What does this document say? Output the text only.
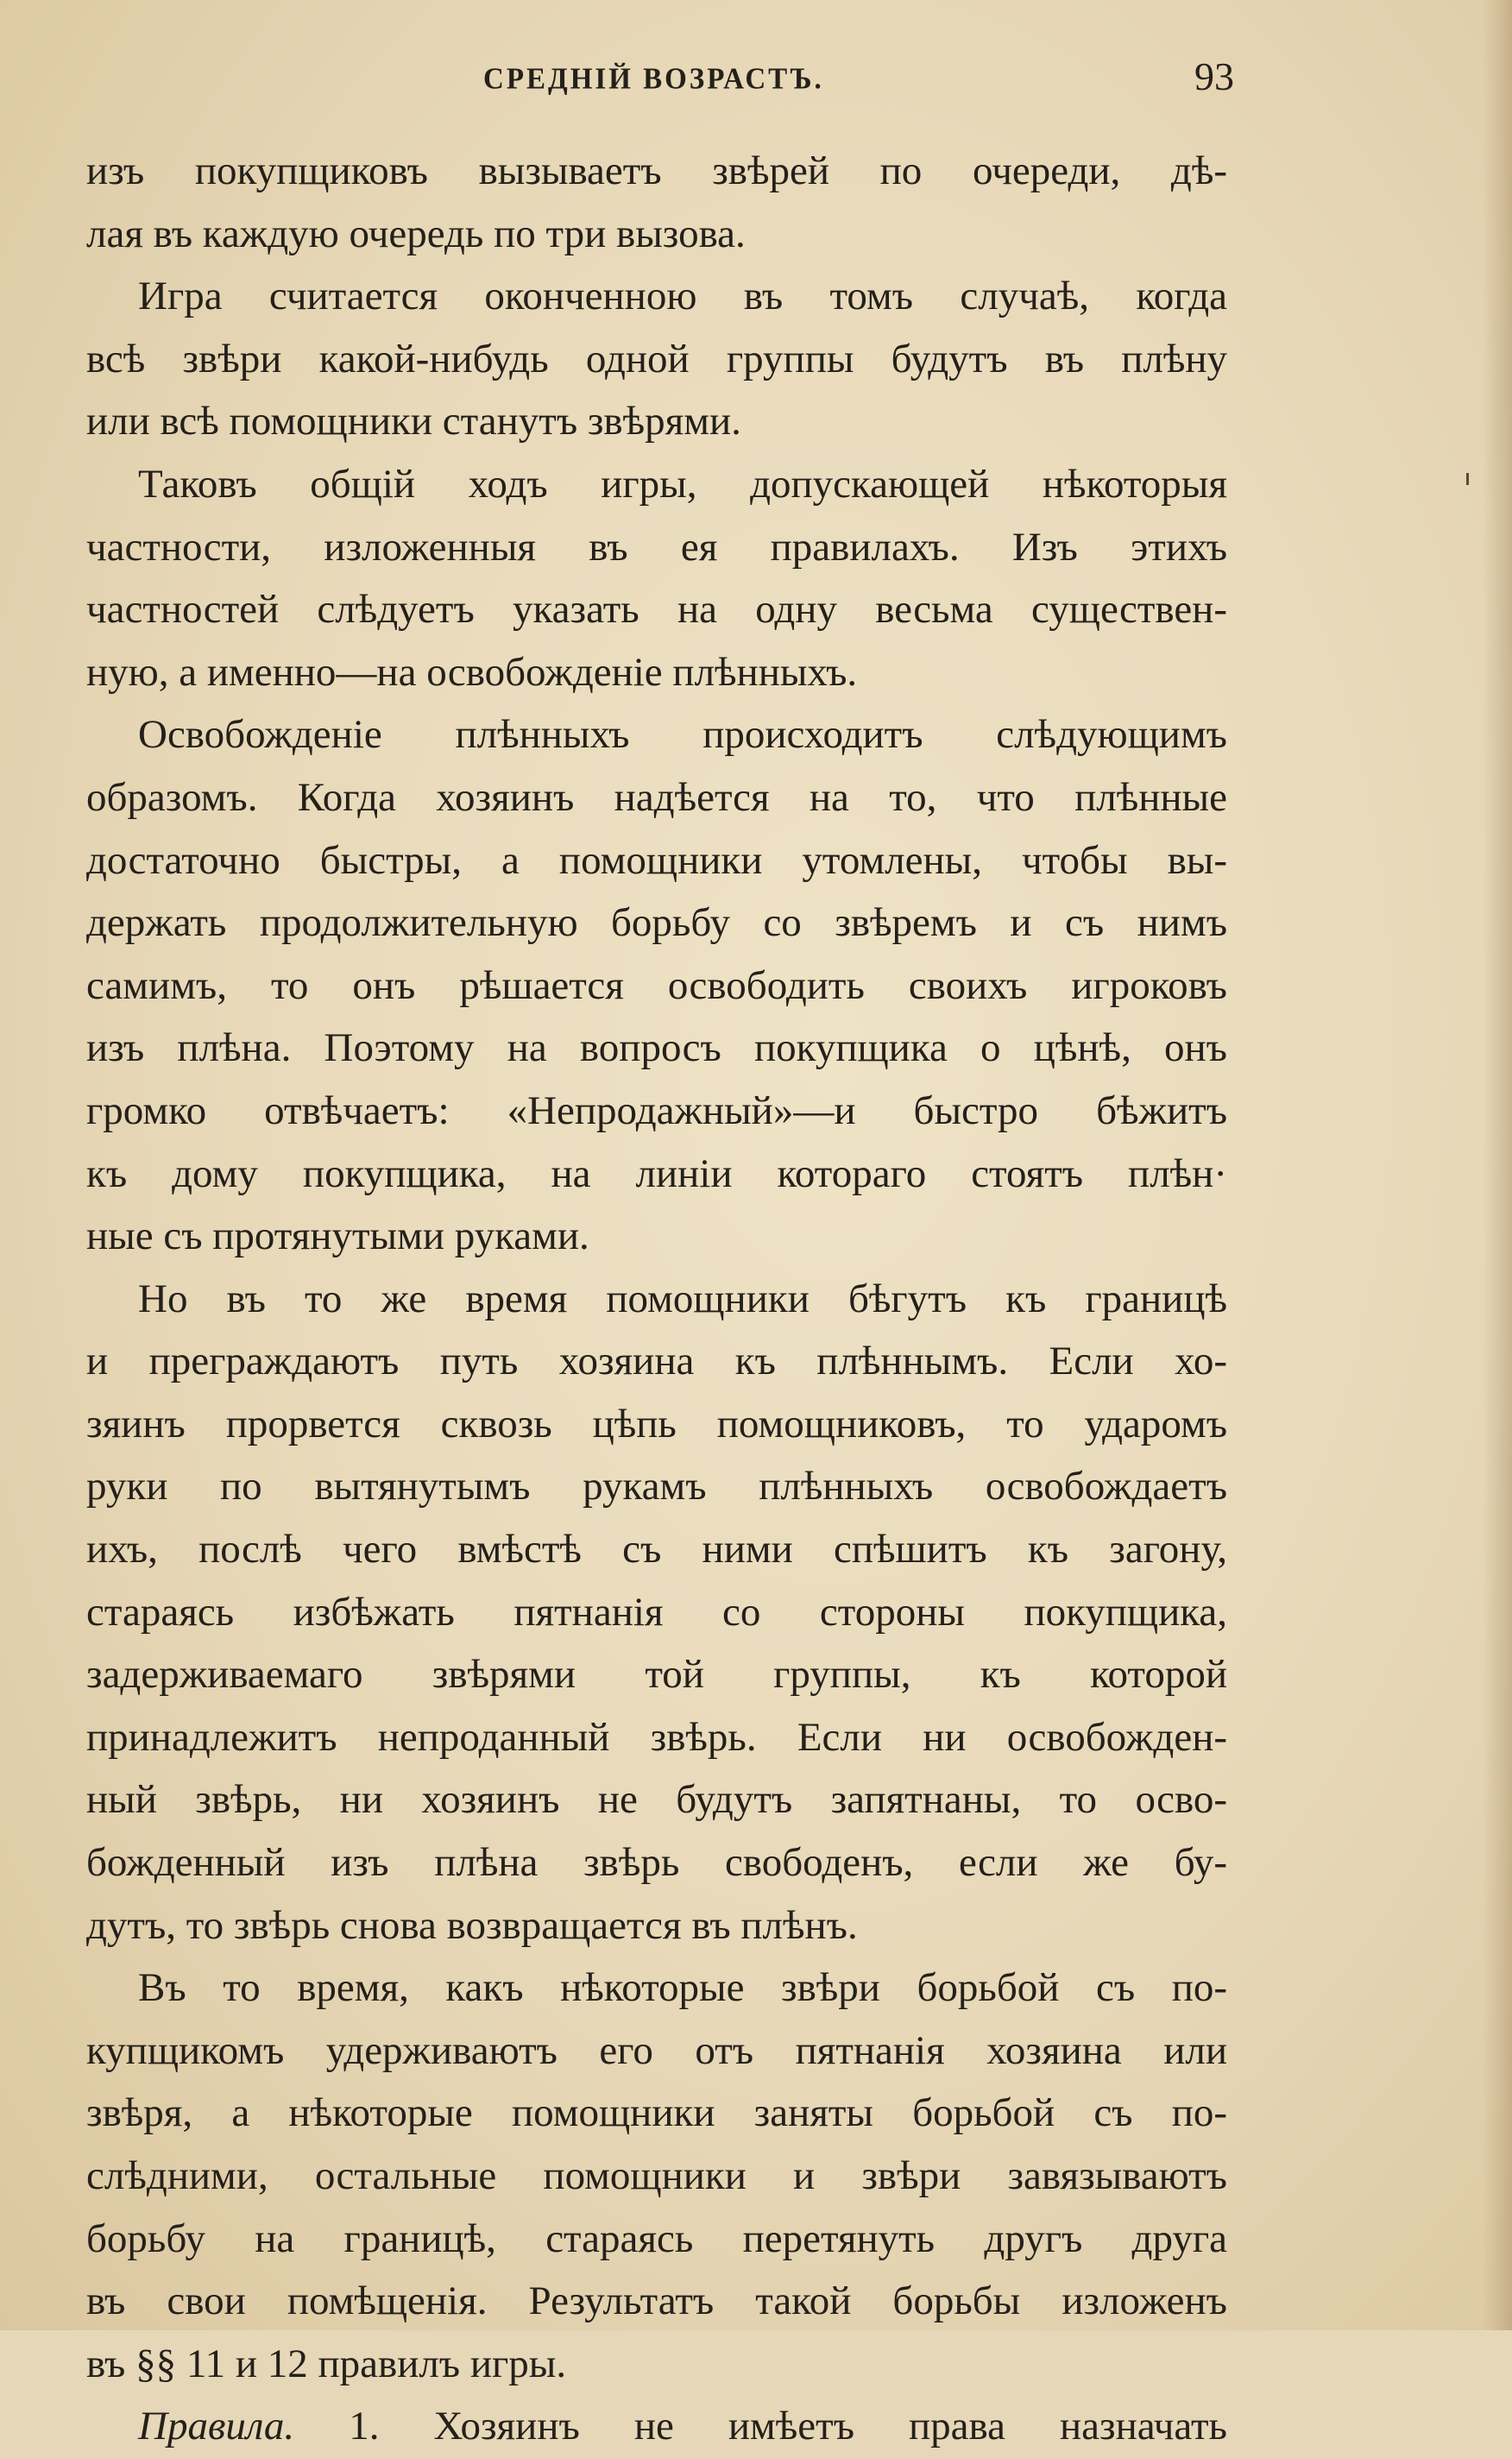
СРЕДНІЙ ВОЗРАСТЪ.	93
изъ покупщиковъ вызываетъ звѣрей по очереди, дѣ-
лая въ каждую очередь по три вызова.
Игра считается оконченною въ томъ случаѣ, когда
всѣ звѣри какой-нибудь одной группы будутъ въ плѣну
или всѣ помощники станутъ звѣрями.
Таковъ общій ходъ игры, допускающей нѣкоторыя
частности, изложенныя въ ея правилахъ. Изъ этихъ
частностей слѣдуетъ указать на одну весьма существен-
ную, а именно—на освобожденіе плѣнныхъ.
Освобожденіе плѣнныхъ происходитъ слѣдующимъ
образомъ. Когда хозяинъ надѣется на то, что плѣнные
достаточно быстры, а помощники утомлены, чтобы вы-
держать продолжительную борьбу со звѣремъ и съ нимъ
самимъ, то онъ рѣшается освободить своихъ игроковъ
изъ плѣна. Поэтому на вопросъ покупщика о цѣнѣ, онъ
громко отвѣчаетъ: «Непродажный»—и быстро бѣжитъ
къ дому покупщика, на линіи котораго стоятъ плѣн·
ные съ протянутыми руками.
Но въ то же время помощники бѣгутъ къ границѣ
и преграждаютъ путь хозяина къ плѣннымъ. Если хо-
зяинъ прорвется сквозь цѣпь помощниковъ, то ударомъ
руки по вытянутымъ рукамъ плѣнныхъ освобождаетъ
ихъ, послѣ чего вмѣстѣ съ ними спѣшитъ къ загону,
стараясь избѣжать пятнанія со стороны покупщика,
задерживаемаго звѣрями той группы, къ которой
принадлежитъ непроданный звѣрь. Если ни освобожден-
ный звѣрь, ни хозяинъ не будутъ запятнаны, то осво-
божденный изъ плѣна звѣрь свободенъ, если же бу-
дутъ, то звѣрь снова возвращается въ плѣнъ.
Въ то время, какъ нѣкоторые звѣри борьбой съ по-
купщикомъ удерживаютъ его отъ пятнанія хозяина или
звѣря, а нѣкоторые помощники заняты борьбой съ по-
слѣдними, остальные помощники и звѣри завязываютъ
борьбу на границѣ, стараясь перетянуть другъ друга
въ свои помѣщенія. Результатъ такой борьбы изложенъ
въ §§ 11 и 12 правилъ игры.
Правила. 1. Хозяинъ не имѣетъ права назначать
